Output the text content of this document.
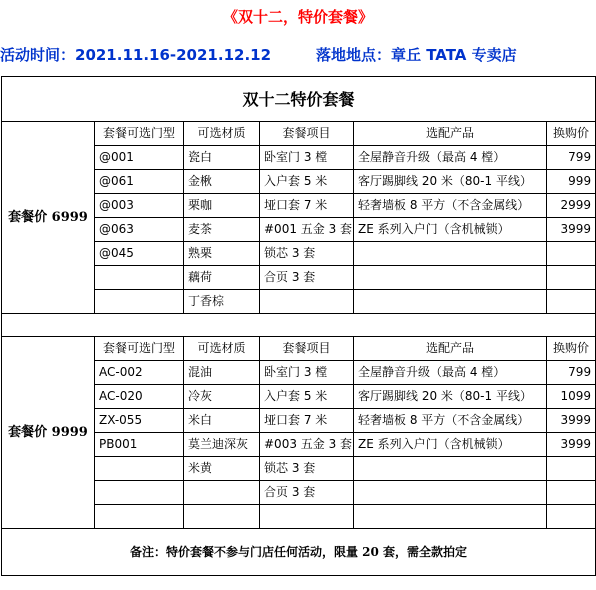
《双十二，特价套餐》
活动时间：2021.11.16-2021.12.12	落地地点：章丘 TATA 专卖店
双十二特价套餐					
套餐价 6999	套餐可选门型	可选材质	套餐项目	选配产品	换购价
	@001	瓷白	卧室门 3 樘	全屋静音升级（最高 4 樘）	799
	@061	金楸	入户套 5 米	客厅踢脚线 20 米（80-1 平线）	999
	@003	栗咖	垭口套 7 米	轻奢墙板 8 平方（不含金属线）	2999
	@063	麦茶	#001 五金 3 套	ZE 系列入户门（含机械锁）	3999
	@045	熟栗	锁芯 3 套		
		藕荷	合页 3 套		
		丁香棕			

套餐价 9999	套餐可选门型	可选材质	套餐项目	选配产品	换购价
	AC-002	混油	卧室门 3 樘	全屋静音升级（最高 4 樘）	799
	AC-020	冷灰	入户套 5 米	客厅踢脚线 20 米（80-1 平线）	1099
	ZX-055	米白	垭口套 7 米	轻奢墙板 8 平方（不含金属线）	3999
	PB001	莫兰迪深灰	#003 五金 3 套	ZE 系列入户门（含机械锁）	3999
		米黄	锁芯 3 套		
			合页 3 套		

备注：特价套餐不参与门店任何活动，限量 20 套，需全款拍定					
